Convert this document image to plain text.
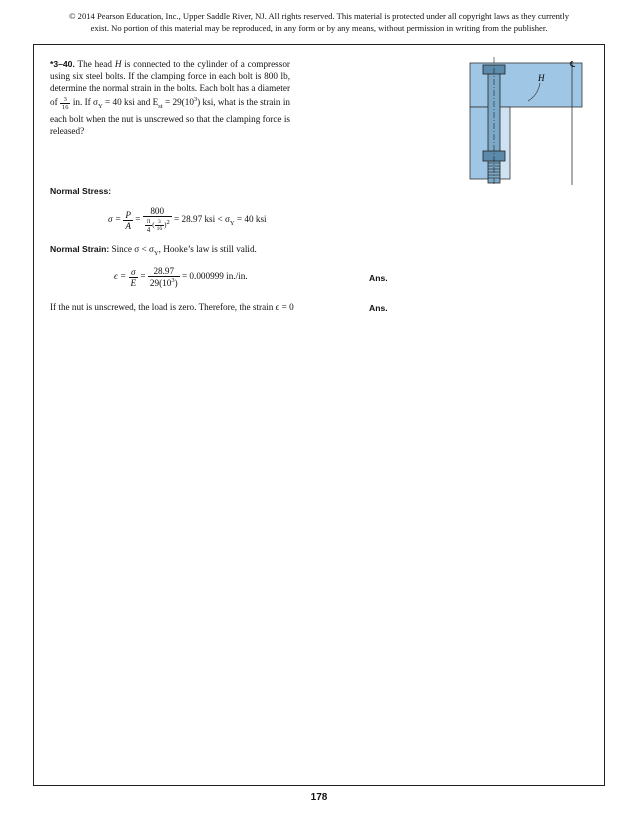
© 2014 Pearson Education, Inc., Upper Saddle River, NJ. All rights reserved. This material is protected under all copyright laws as they currently
exist. No portion of this material may be reproduced, in any form or by any means, without permission in writing from the publisher.
*3–40. The head H is connected to the cylinder of a compressor using six steel bolts. If the clamping force in each bolt is 800 lb, determine the normal strain in the bolts. Each bolt has a diameter of $\frac{3}{16}$ in. If $\sigma_Y = 40$ ksi and $E_{st} = 29(10^3)$ ksi, what is the strain in each bolt when the nut is unscrewed so that the clamping force is released?
H
℄
Normal Stress:
$\sigma = \frac{P}{A} = \frac{800}{\frac{\pi}{4} ( \frac{3}{16} )^2} = 28.97$ ksi < $\sigma_Y = 40$ ksi
Normal Strain: Since $\sigma < \sigma_Y$, Hooke’s law is still valid.
$\epsilon = \frac{\sigma}{E} = \frac{28.97}{29(10^3)} = 0.000999$ in./in.	Ans.
If the nut is unscrewed, the load is zero. Therefore, the strain ϵ = 0	Ans.
178
